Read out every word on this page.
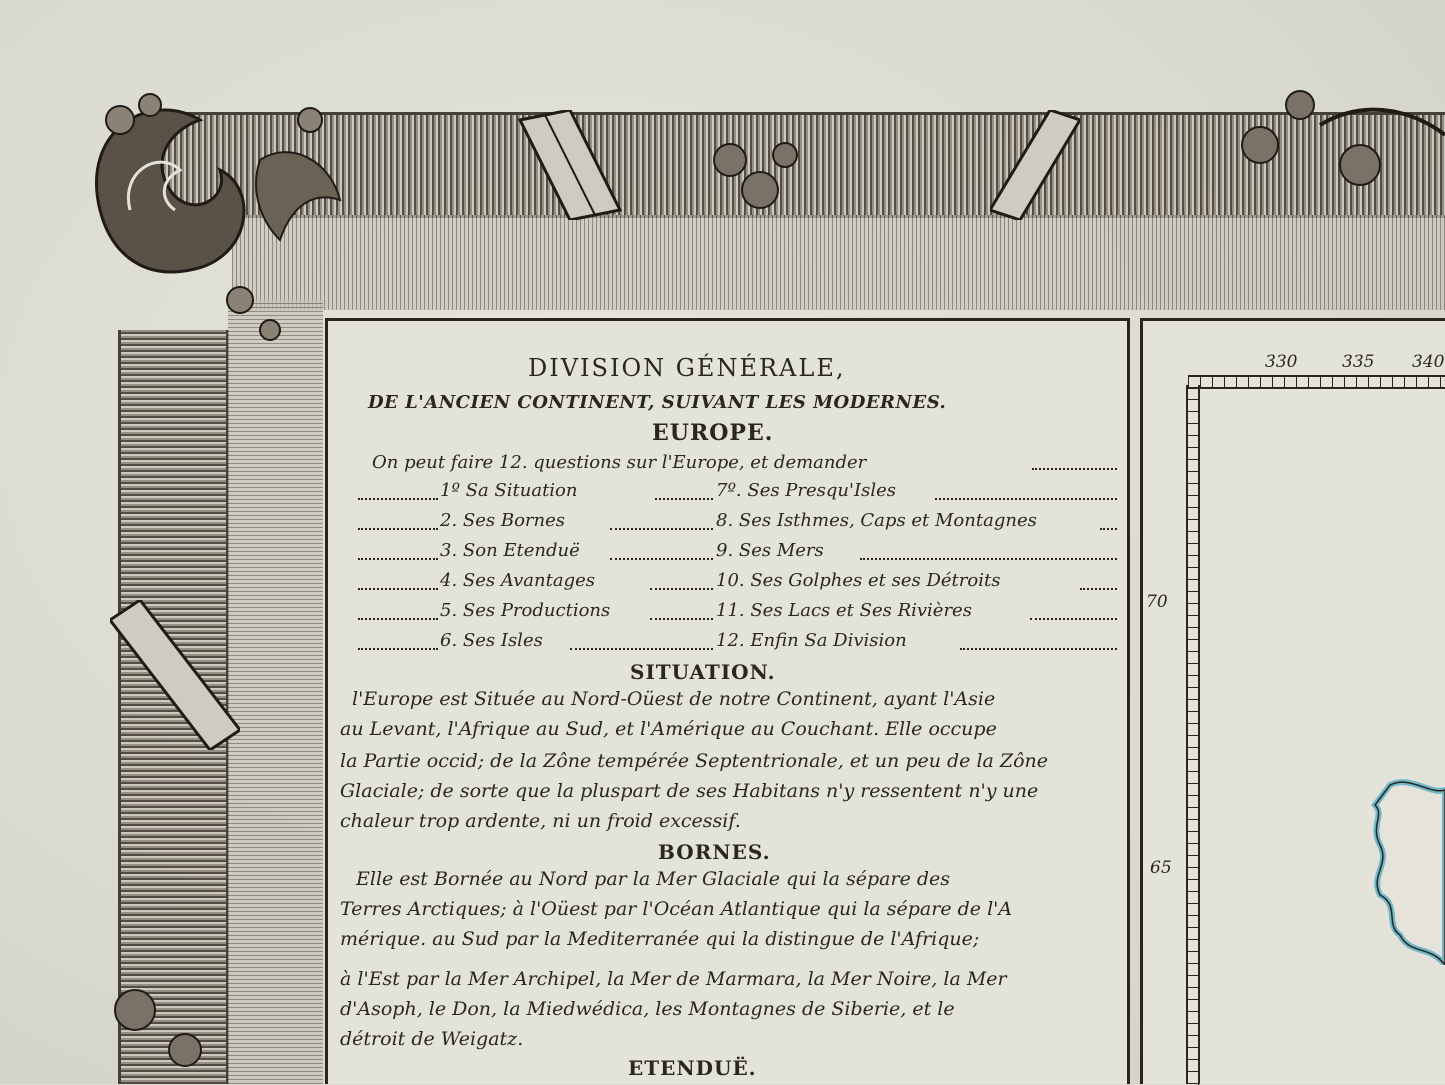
DIVISION GÉNÉRALE,
DE L'ANCIEN CONTINENT, SUIVANT LES MODERNES.
EUROPE.
On peut faire 12. questions sur l'Europe, et demander
1º Sa Situation	7º. Ses Presqu'Isles
2. Ses Bornes	8. Ses Isthmes, Caps et Montagnes
3. Son Etenduë	9. Ses Mers
4. Ses Avantages	10. Ses Golphes et ses Détroits
5. Ses Productions	11. Ses Lacs et Ses Rivières
6. Ses Isles	12. Enfin Sa Division
SITUATION.
l'Europe est Située au Nord-Oüest de notre Continent, ayant l'Asie
au Levant, l'Afrique au Sud, et l'Amérique au Couchant. Elle occupe
la Partie occid; de la Zône tempérée Septentrionale, et un peu de la Zône
Glaciale; de sorte que la pluspart de ses Habitans n'y ressentent n'y une
chaleur trop ardente, ni un froid excessif.
BORNES.
Elle est Bornée au Nord par la Mer Glaciale qui la sépare des
Terres Arctiques; à l'Oüest par l'Océan Atlantique qui la sépare de l'A
mérique. au Sud par la Mediterranée qui la distingue de l'Afrique;
à l'Est par la Mer Archipel, la Mer de Marmara, la Mer Noire, la Mer
d'Asoph, le Don, la Miedwédica, les Montagnes de Siberie, et le
détroit de Weigatz.
ETENDUË.
330	335 340
70
65
